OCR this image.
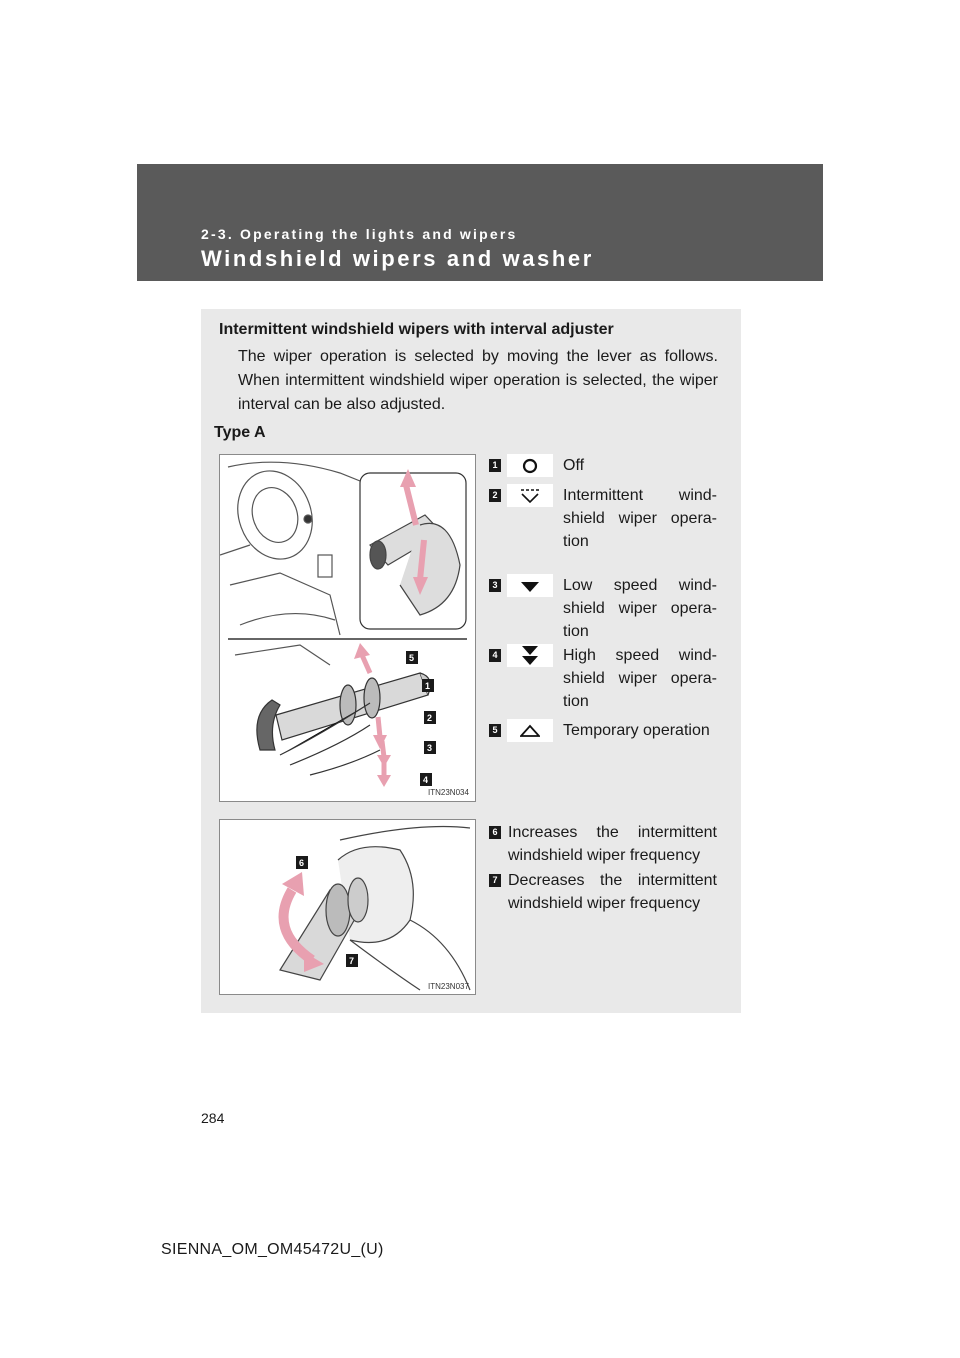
2-3. Operating the lights and wipers
Windshield wipers and washer
Intermittent windshield wipers with interval adjuster
The wiper operation is selected by moving the lever as follows. When intermittent windshield wiper operation is selected, the wiper interval can be also adjusted.
Type A
5
1
2
3
4
ITN23N034
1	Off
2	Intermittent wind-shield wiper opera-tion
3	Low speed wind-shield wiper opera-tion
4	High speed wind-shield wiper opera-tion
5	Temporary operation
6
7
ITN23N037
6 Increases the intermittent windshield wiper frequency
7 Decreases the intermittent windshield wiper frequency
284
SIENNA_OM_OM45472U_(U)
